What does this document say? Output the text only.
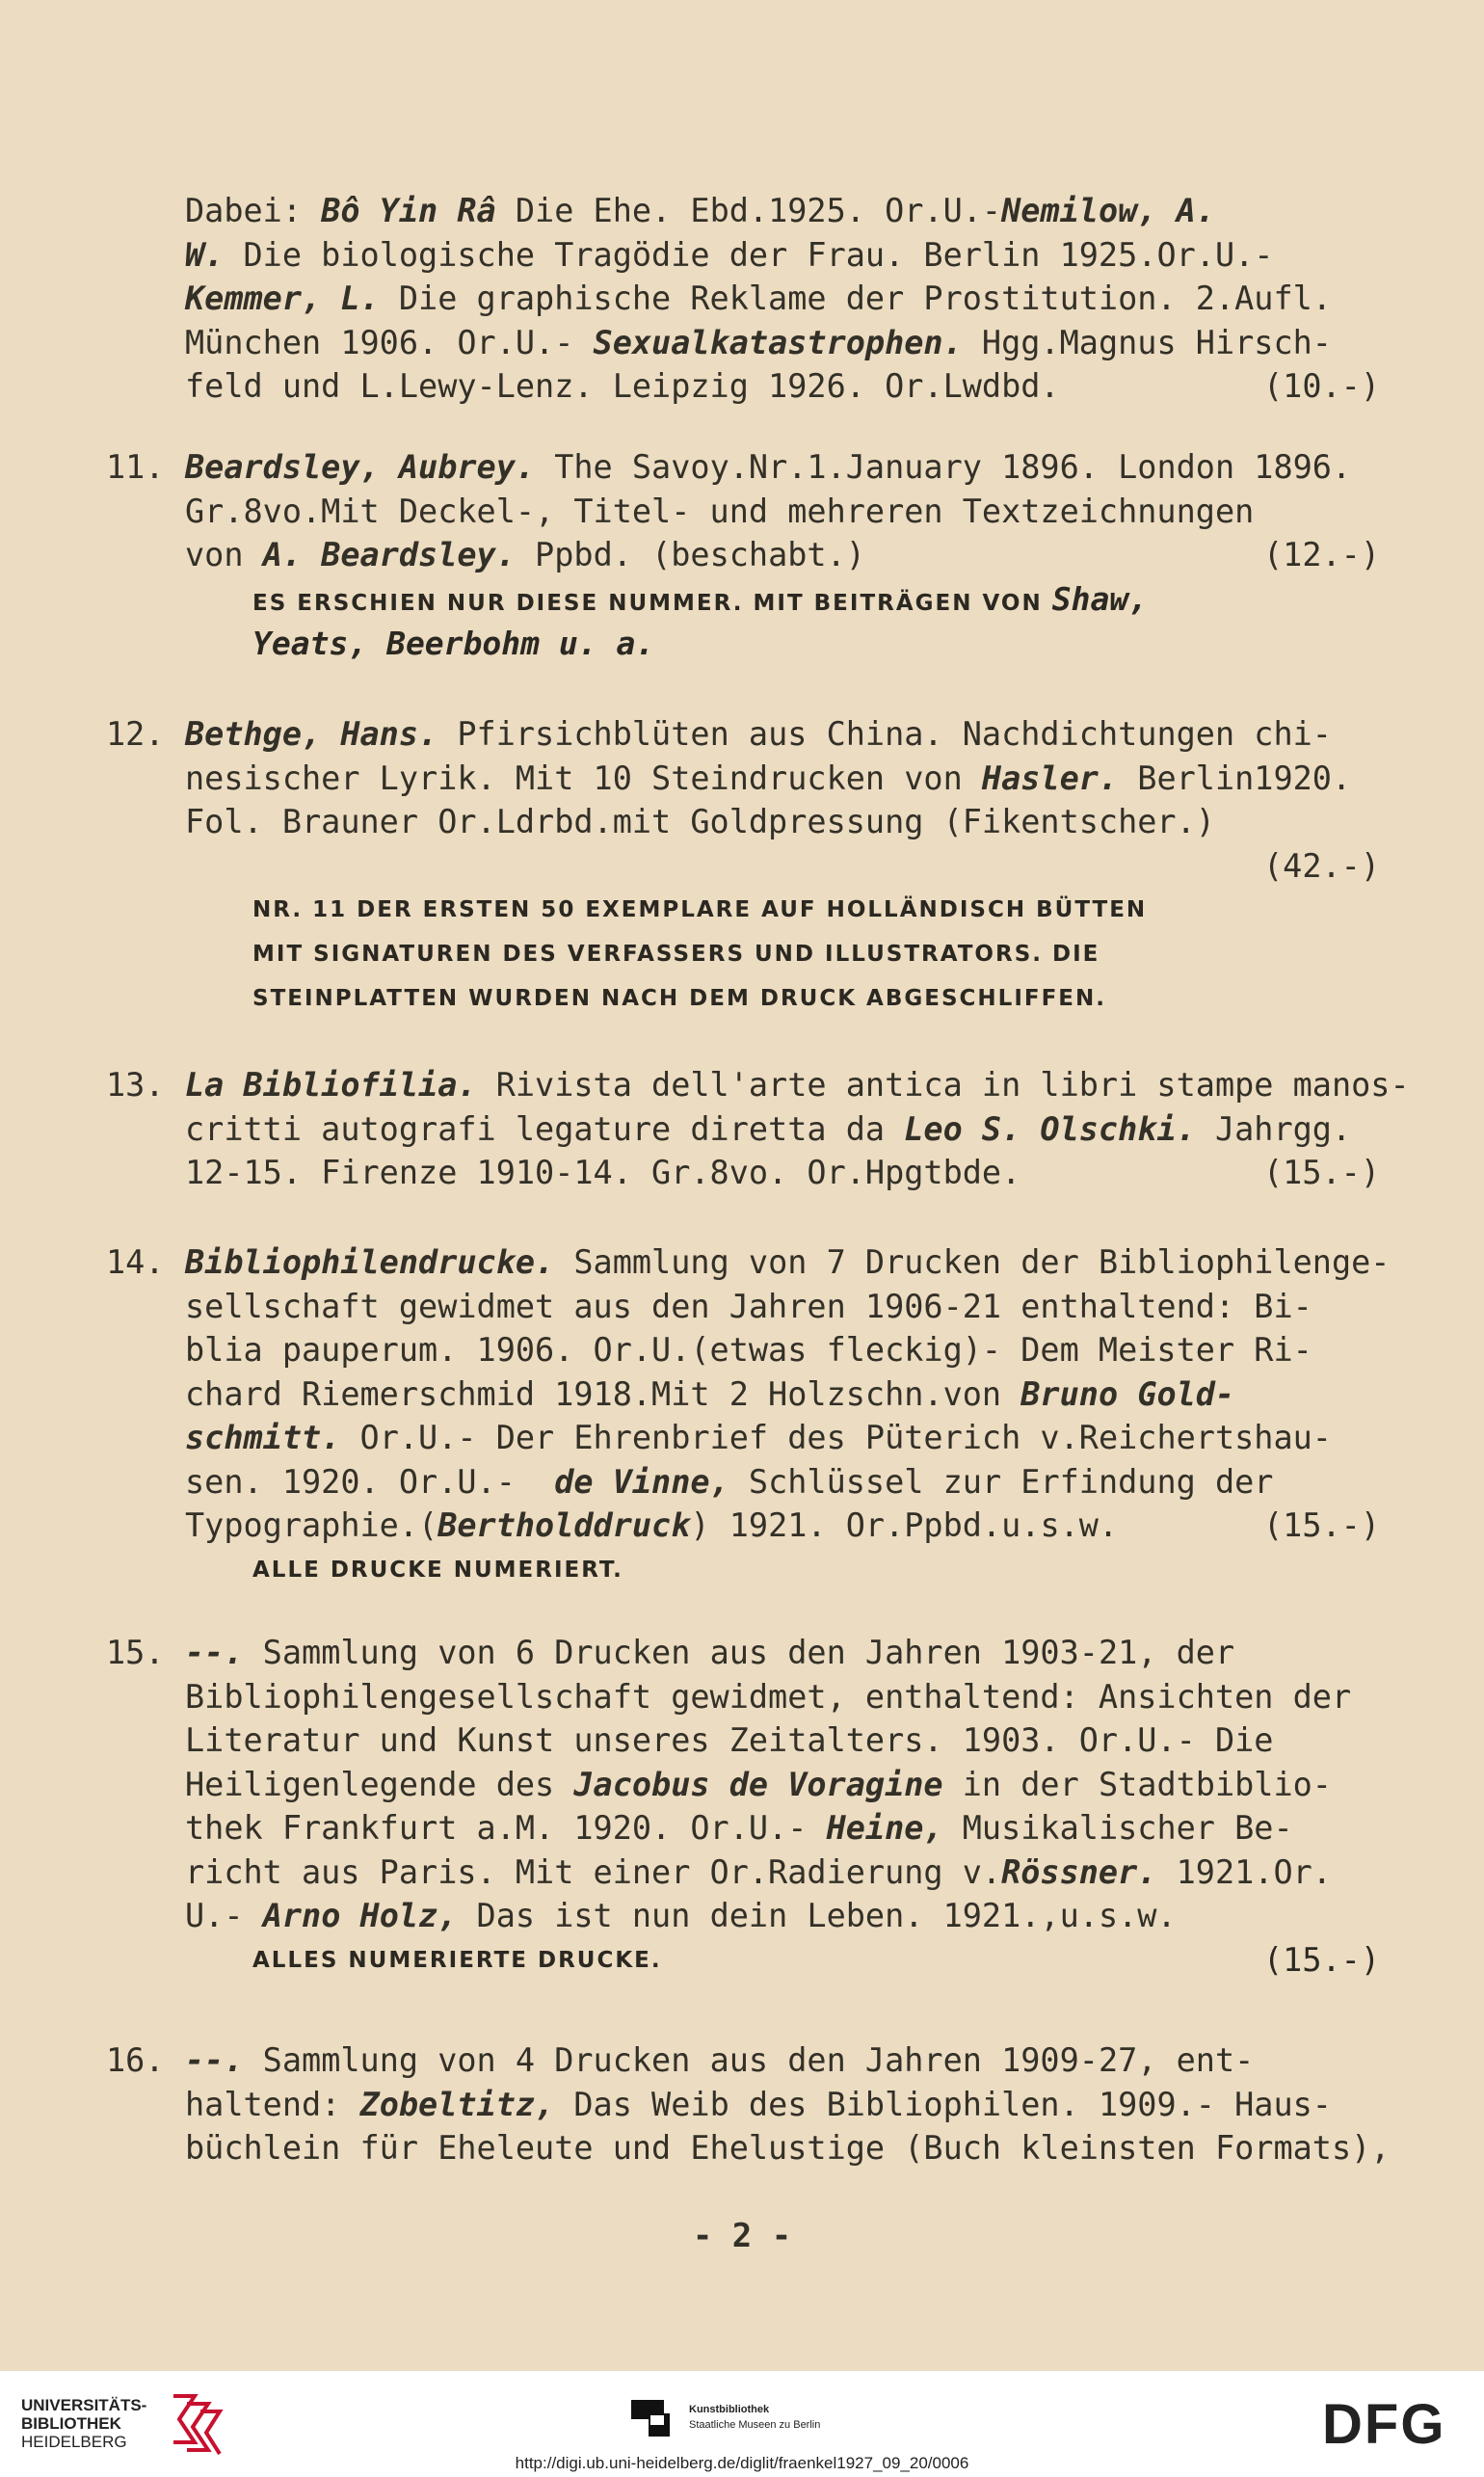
Dabei: Bô Yin Râ Die Ehe. Ebd.1925. Or.U.-Nemilow, A.
W. Die biologische Tragödie der Frau. Berlin 1925.Or.U.-
Kemmer, L. Die graphische Reklame der Prostitution. 2.Aufl.
München 1906. Or.U.- Sexualkatastrophen. Hgg.Magnus Hirsch-
feld und L.Lewy-Lenz. Leipzig 1926. Or.Lwdbd.	(10.-)
11. Beardsley, Aubrey. The Savoy.Nr.1.January 1896. London 1896.
Gr.8vo.Mit Deckel-, Titel- und mehreren Textzeichnungen
von A. Beardsley. Ppbd. (beschabt.)	(12.-)
ES ERSCHIEN NUR DIESE NUMMER. MIT BEITRÄGEN VON Shaw,
Yeats, Beerbohm u. a.
12. Bethge, Hans. Pfirsichblüten aus China. Nachdichtungen chi-
nesischer Lyrik. Mit 10 Steindrucken von Hasler. Berlin1920.
Fol. Brauner Or.Ldrbd.mit Goldpressung (Fikentscher.)
(42.-)
NR. 11 DER ERSTEN 50 EXEMPLARE AUF HOLLÄNDISCH BÜTTEN
MIT SIGNATUREN DES VERFASSERS UND ILLUSTRATORS. DIE
STEINPLATTEN WURDEN NACH DEM DRUCK ABGESCHLIFFEN.
13. La Bibliofilia. Rivista dell'arte antica in libri stampe manos-
critti autografi legature diretta da Leo S. Olschki. Jahrgg.
12-15. Firenze 1910-14. Gr.8vo. Or.Hpgtbde.	(15.-)
14. Bibliophilendrucke. Sammlung von 7 Drucken der Bibliophilenge-
sellschaft gewidmet aus den Jahren 1906-21 enthaltend: Bi-
blia pauperum. 1906. Or.U.(etwas fleckig)- Dem Meister Ri-
chard Riemerschmid 1918.Mit 2 Holzschn.von Bruno Gold-
schmitt. Or.U.- Der Ehrenbrief des Püterich v.Reichertshau-
sen. 1920. Or.U.-  de Vinne, Schlüssel zur Erfindung der
Typographie.(Bertholddruck) 1921. Or.Ppbd.u.s.w.	(15.-)
ALLE DRUCKE NUMERIERT.
15. --. Sammlung von 6 Drucken aus den Jahren 1903-21, der
Bibliophilengesellschaft gewidmet, enthaltend: Ansichten der
Literatur und Kunst unseres Zeitalters. 1903. Or.U.- Die
Heiligenlegende des Jacobus de Voragine in der Stadtbiblio-
thek Frankfurt a.M. 1920. Or.U.- Heine, Musikalischer Be-
richt aus Paris. Mit einer Or.Radierung v.Rössner. 1921.Or.
U.- Arno Holz, Das ist nun dein Leben. 1921.,u.s.w.
ALLES NUMERIERTE DRUCKE.	(15.-)
16. --. Sammlung von 4 Drucken aus den Jahren 1909-27, ent-
haltend: Zobeltitz, Das Weib des Bibliophilen. 1909.- Haus-
büchlein für Eheleute und Ehelustige (Buch kleinsten Formats),
- 2 -
UNIVERSITÄTS-
BIBLIOTHEK
HEIDELBERG
Kunstbibliothek
Staatliche Museen zu Berlin	DFG
http://digi.ub.uni-heidelberg.de/diglit/fraenkel1927_09_20/0006
